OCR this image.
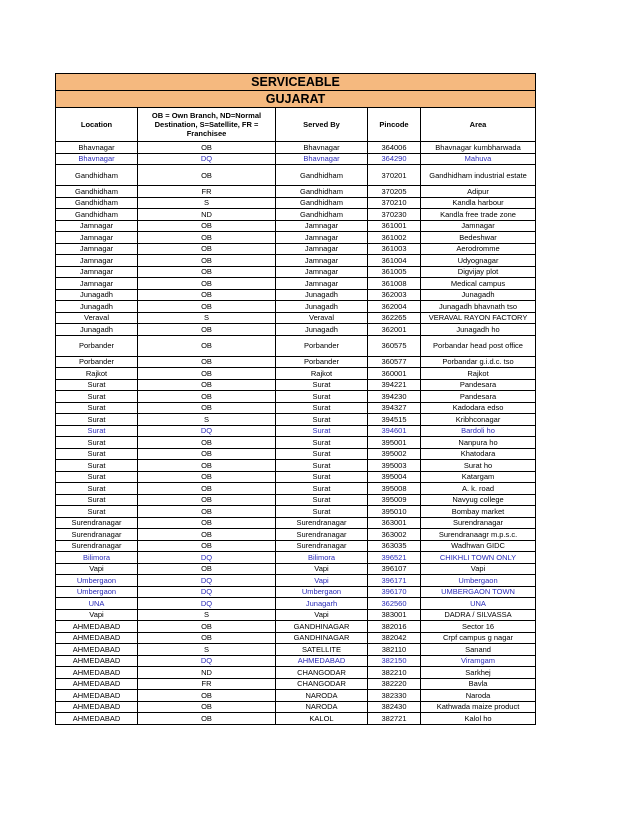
SERVICEABLE				
GUJARAT				
Location	OB = Own Branch, ND=Normal Destination, S=Satellite, FR = Franchisee	Served By	Pincode	Area
Bhavnagar	OB	Bhavnagar	364006	Bhavnagar kumbharwada
Bhavnagar	DQ	Bhavnagar	364290	Mahuva
Gandhidham	OB	Gandhidham	370201	Gandhidham industrial estate
Gandhidham	FR	Gandhidham	370205	Adipur
Gandhidham	S	Gandhidham	370210	Kandla harbour
Gandhidham	ND	Gandhidham	370230	Kandla free trade zone
Jamnagar	OB	Jamnagar	361001	Jamnagar
Jamnagar	OB	Jamnagar	361002	Bedeshwar
Jamnagar	OB	Jamnagar	361003	Aerodromme
Jamnagar	OB	Jamnagar	361004	Udyognagar
Jamnagar	OB	Jamnagar	361005	Digvijay plot
Jamnagar	OB	Jamnagar	361008	Medical campus
Junagadh	OB	Junagadh	362003	Junagadh
Junagadh	OB	Junagadh	362004	Junagadh bhavnath tso
Veraval	S	Veraval	362265	VERAVAL RAYON FACTORY
Junagadh	OB	Junagadh	362001	Junagadh ho
Porbander	OB	Porbander	360575	Porbandar head post office
Porbander	OB	Porbander	360577	Porbandar g.i.d.c. tso
Rajkot	OB	Rajkot	360001	Rajkot
Surat	OB	Surat	394221	Pandesara
Surat	OB	Surat	394230	Pandesara
Surat	OB	Surat	394327	Kadodara edso
Surat	S	Surat	394515	Kribhconagar
Surat	DQ	Surat	394601	Bardoli ho
Surat	OB	Surat	395001	Nanpura ho
Surat	OB	Surat	395002	Khatodara
Surat	OB	Surat	395003	Surat ho
Surat	OB	Surat	395004	Katargam
Surat	OB	Surat	395008	A. k. road
Surat	OB	Surat	395009	Navyug college
Surat	OB	Surat	395010	Bombay market
Surendranagar	OB	Surendranagar	363001	Surendranagar
Surendranagar	OB	Surendranagar	363002	Surendranaagr m.p.s.c.
Surendranagar	OB	Surendranagar	363035	Wadhwan GIDC
Bilimora	DQ	Bilimora	396521	CHIKHLI TOWN ONLY
Vapi	OB	Vapi	396107	Vapi
Umbergaon	DQ	Vapi	396171	Umbergaon
Umbergaon	DQ	Umbergaon	396170	UMBERGAON TOWN
UNA	DQ	Junagarh	362560	UNA
Vapi	S	Vapi	383001	DADRA / SILVASSA
AHMEDABAD	OB	GANDHINAGAR	382016	Sector 16
AHMEDABAD	OB	GANDHINAGAR	382042	Crpf campus g nagar
AHMEDABAD	S	SATELLITE	382110	Sanand
AHMEDABAD	DQ	AHMEDABAD	382150	Viramgam
AHMEDABAD	ND	CHANGODAR	382210	Sarkhej
AHMEDABAD	FR	CHANGODAR	382220	Bavla
AHMEDABAD	OB	NARODA	382330	Naroda
AHMEDABAD	OB	NARODA	382430	Kathwada maize product
AHMEDABAD	OB	KALOL	382721	Kalol ho
